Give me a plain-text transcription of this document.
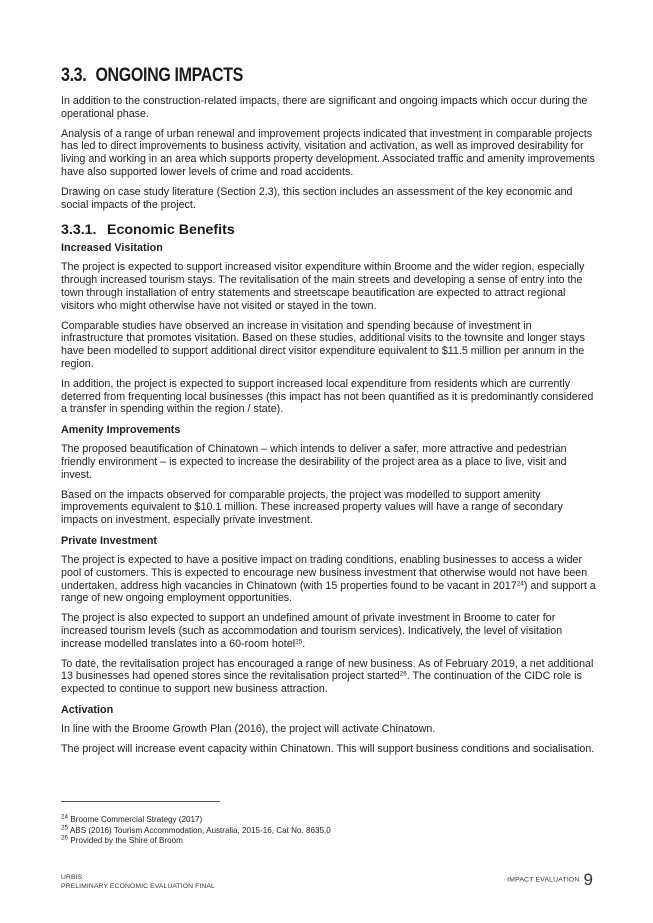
3.3. ONGOING IMPACTS

In addition to the construction-related impacts, there are significant and ongoing impacts which occur during the operational phase.

Analysis of a range of urban renewal and improvement projects indicated that investment in comparable projects has led to direct improvements to business activity, visitation and activation, as well as improved desirability for living and working in an area which supports property development. Associated traffic and amenity improvements have also supported lower levels of crime and road accidents.

Drawing on case study literature (Section 2.3), this section includes an assessment of the key economic and social impacts of the project.

3.3.1. Economic Benefits
Increased Visitation

The project is expected to support increased visitor expenditure within Broome and the wider region, especially through increased tourism stays. The revitalisation of the main streets and developing a sense of entry into the town through installation of entry statements and streetscape beautification are expected to attract regional visitors who might otherwise have not visited or stayed in the town.

Comparable studies have observed an increase in visitation and spending because of investment in infrastructure that promotes visitation. Based on these studies, additional visits to the townsite and longer stays have been modelled to support additional direct visitor expenditure equivalent to $11.5 million per annum in the region.

In addition, the project is expected to support increased local expenditure from residents which are currently deterred from frequenting local businesses (this impact has not been quantified as it is predominantly considered a transfer in spending within the region / state).

Amenity Improvements

The proposed beautification of Chinatown – which intends to deliver a safer, more attractive and pedestrian friendly environment – is expected to increase the desirability of the project area as a place to live, visit and invest.

Based on the impacts observed for comparable projects, the project was modelled to support amenity improvements equivalent to $10.1 million. These increased property values will have a range of secondary impacts on investment, especially private investment.

Private Investment

The project is expected to have a positive impact on trading conditions, enabling businesses to access a wider pool of customers. This is expected to encourage new business investment that otherwise would not have been undertaken, address high vacancies in Chinatown (with 15 properties found to be vacant in 2017$^{24}$) and support a range of new ongoing employment opportunities.

The project is also expected to support an undefined amount of private investment in Broome to cater for increased tourism levels (such as accommodation and tourism services). Indicatively, the level of visitation increase modelled translates into a 60-room hotel$^{25}$.

To date, the revitalisation project has encouraged a range of new business. As of February 2019, a net additional 13 businesses had opened stores since the revitalisation project started$^{26}$. The continuation of the CIDC role is expected to continue to support new business attraction.

Activation

In line with the Broome Growth Plan (2016), the project will activate Chinatown.

The project will increase event capacity within Chinatown. This will support business conditions and socialisation.

$^{24}$ Broome Commercial Strategy (2017)
$^{25}$ ABS (2016) Tourism Accommodation, Australia, 2015-16, Cat No. 8635.0
$^{26}$ Provided by the Shire of Broom
URBIS
PRELIMINARY ECONOMIC EVALUATION FINAL
IMPACT EVALUATION 9
